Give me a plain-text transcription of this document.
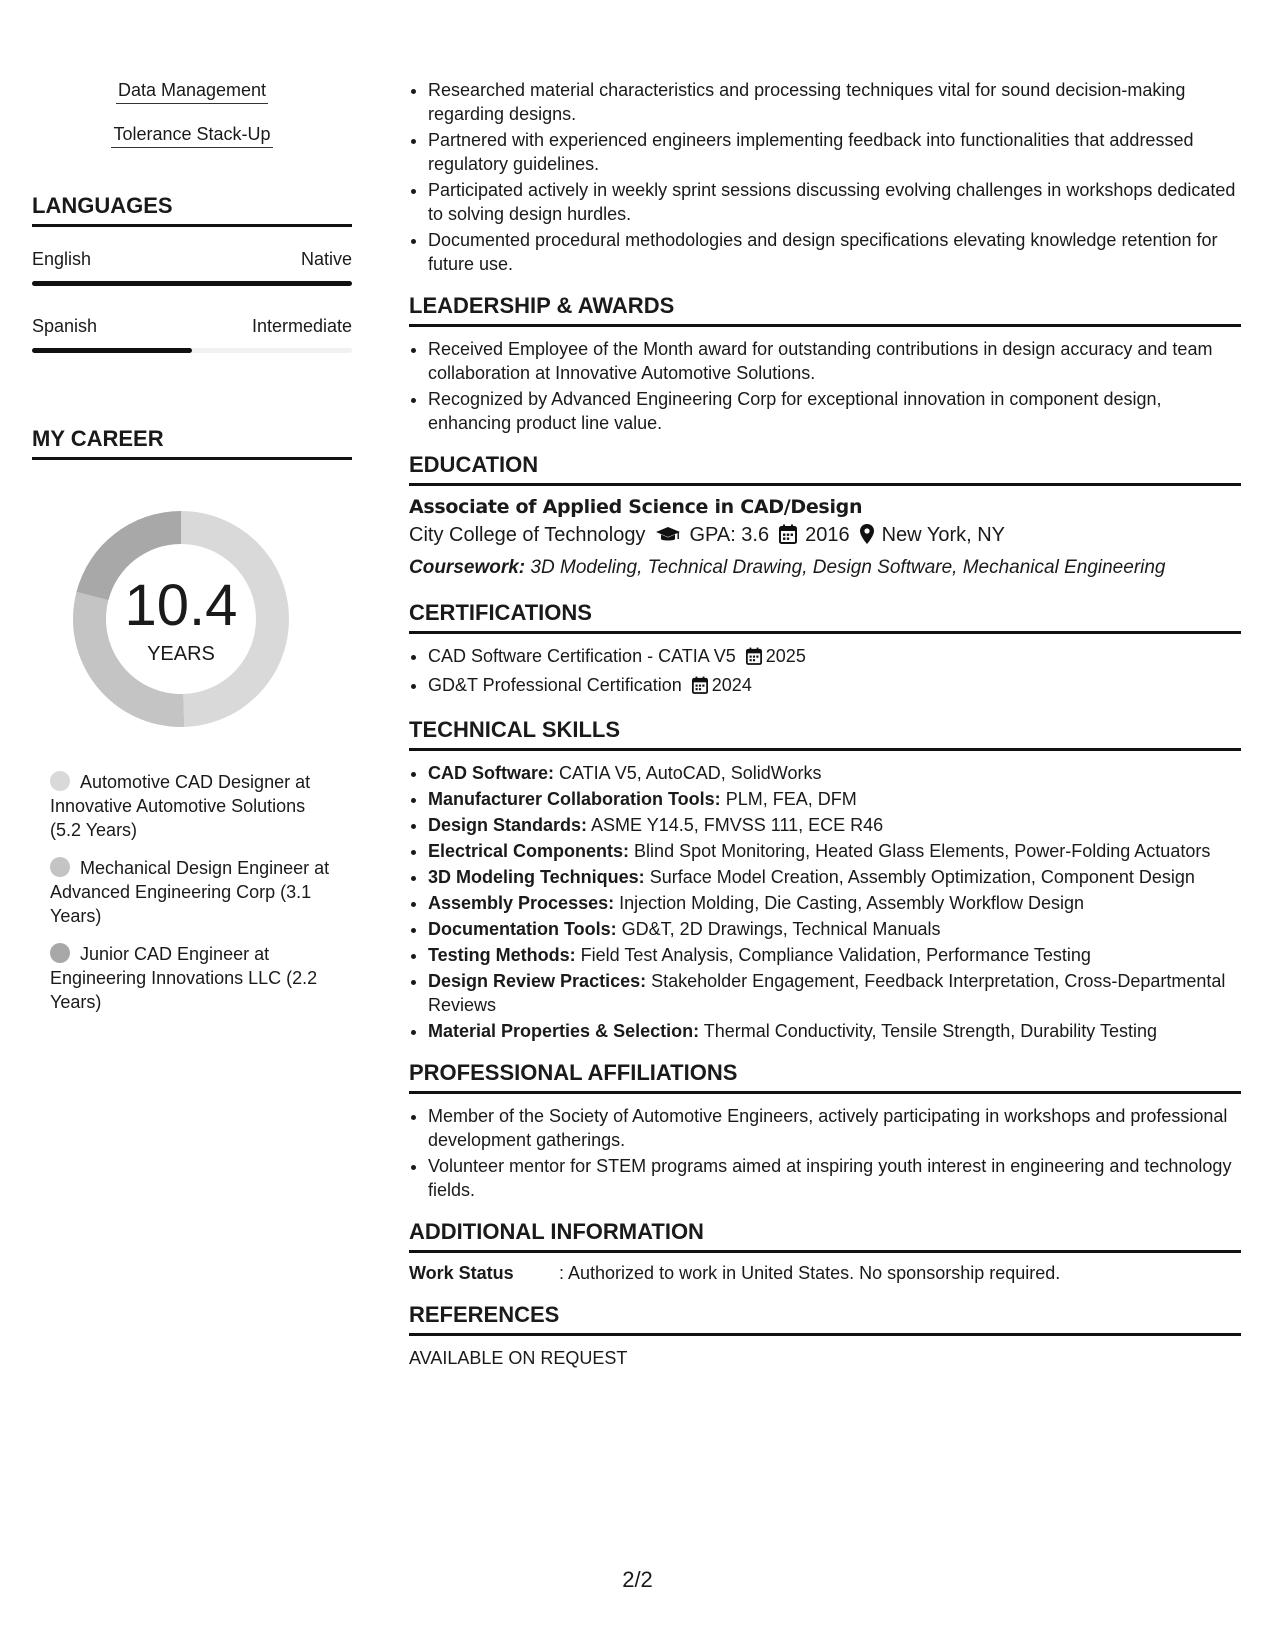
Data Management
Tolerance Stack-Up
LANGUAGES
English	Native
Spanish	Intermediate
MY CAREER
10.4
YEARS
Automotive CAD Designer at Innovative Automotive Solutions (5.2 Years)
Mechanical Design Engineer at Advanced Engineering Corp (3.1 Years)
Junior CAD Engineer at Engineering Innovations LLC (2.2 Years)
• Researched material characteristics and processing techniques vital for sound decision-making regarding designs.
• Partnered with experienced engineers implementing feedback into functionalities that addressed regulatory guidelines.
• Participated actively in weekly sprint sessions discussing evolving challenges in workshops dedicated to solving design hurdles.
• Documented procedural methodologies and design specifications elevating knowledge retention for future use.
LEADERSHIP & AWARDS
• Received Employee of the Month award for outstanding contributions in design accuracy and team collaboration at Innovative Automotive Solutions.
• Recognized by Advanced Engineering Corp for exceptional innovation in component design, enhancing product line value.
EDUCATION
Associate of Applied Science in CAD/Design
City College of Technology GPA: 3.6 2016 New York, NY
Coursework: 3D Modeling, Technical Drawing, Design Software, Mechanical Engineering
CERTIFICATIONS
• CAD Software Certification - CATIA V5 2025
• GD&T Professional Certification 2024
TECHNICAL SKILLS
• CAD Software: CATIA V5, AutoCAD, SolidWorks
• Manufacturer Collaboration Tools: PLM, FEA, DFM
• Design Standards: ASME Y14.5, FMVSS 111, ECE R46
• Electrical Components: Blind Spot Monitoring, Heated Glass Elements, Power-Folding Actuators
• 3D Modeling Techniques: Surface Model Creation, Assembly Optimization, Component Design
• Assembly Processes: Injection Molding, Die Casting, Assembly Workflow Design
• Documentation Tools: GD&T, 2D Drawings, Technical Manuals
• Testing Methods: Field Test Analysis, Compliance Validation, Performance Testing
• Design Review Practices: Stakeholder Engagement, Feedback Interpretation, Cross-Departmental Reviews
• Material Properties & Selection: Thermal Conductivity, Tensile Strength, Durability Testing
PROFESSIONAL AFFILIATIONS
• Member of the Society of Automotive Engineers, actively participating in workshops and professional development gatherings.
• Volunteer mentor for STEM programs aimed at inspiring youth interest in engineering and technology fields.
ADDITIONAL INFORMATION
Work Status	: Authorized to work in United States. No sponsorship required.
REFERENCES
AVAILABLE ON REQUEST
2/2
